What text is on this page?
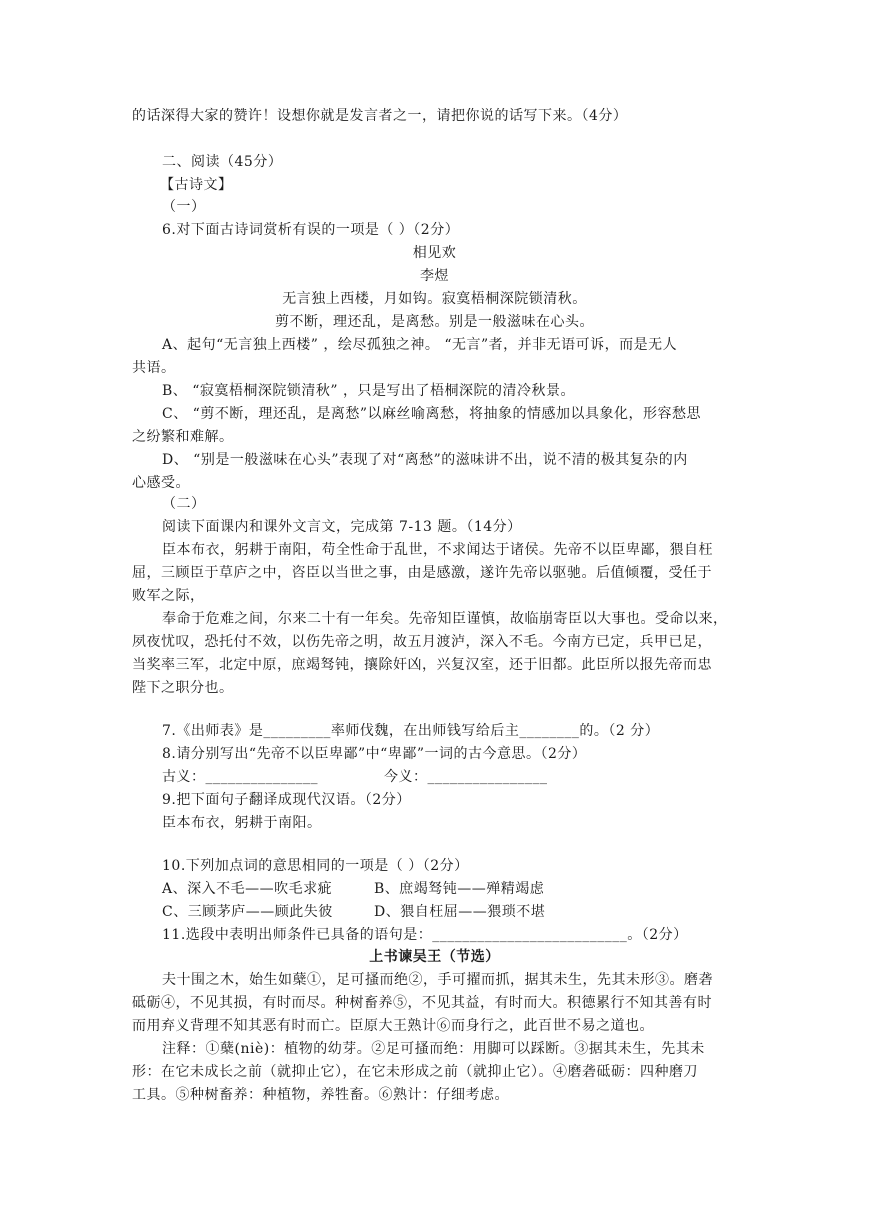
的话深得大家的赞许！设想你就是发言者之一，请把你说的话写下来。（4分）
二、阅读（45分）
【古诗文】
（一）
6.对下面古诗词赏析有误的一项是（ ）（2分）
相见欢
李煜
无言独上西楼，月如钩。寂寞梧桐深院锁清秋。
剪不断，理还乱，是离愁。别是一般滋味在心头。
A、起句“无言独上西楼” ，绘尽孤独之神。 “无言”者，并非无语可诉，而是无人
共语。
B、 “寂寞梧桐深院锁清秋” ，只是写出了梧桐深院的清冷秋景。
C、 “剪不断，理还乱，是离愁”以麻丝喻离愁，将抽象的情感加以具象化，形容愁思
之纷繁和难解。
D、 “别是一般滋味在心头”表现了对“离愁”的滋味讲不出，说不清的极其复杂的内
心感受。
（二）
阅读下面课内和课外文言文，完成第 7-13 题。（14分）
臣本布衣，躬耕于南阳，苟全性命于乱世，不求闻达于诸侯。先帝不以臣卑鄙，猥自枉
屈，三顾臣于草庐之中，咨臣以当世之事，由是感激，遂许先帝以驱驰。后值倾覆，受任于
败军之际，
奉命于危难之间，尔来二十有一年矣。先帝知臣谨慎，故临崩寄臣以大事也。受命以来，
夙夜忧叹，恐托付不效，以伤先帝之明，故五月渡泸，深入不毛。今南方已定，兵甲已足，
当奖率三军，北定中原，庶竭驽钝，攘除奸凶，兴复汉室，还于旧都。此臣所以报先帝而忠
陛下之职分也。
7.《出师表》是_________率师伐魏，在出师钱写给后主________的。（2 分）
8.请分别写出“先帝不以臣卑鄙”中“卑鄙”一词的古今意思。（2分）
古义：_______________	今义：________________
9.把下面句子翻译成现代汉语。（2分）
臣本布衣，躬耕于南阳。
10.下列加点词的意思相同的一项是（ ）（2分）
A、深入不毛——吹毛求疵	B、庶竭驽钝——殚精竭虑
C、三顾茅庐——顾此失彼	D、猥自枉屈——猥琐不堪
11.选段中表明出师条件已具备的语句是：__________________________。（2分）
上书谏吴王（节选）
夫十围之木，始生如蘖①，足可搔而绝②，手可擢而抓，据其未生，先其未形③。磨砻
砥砺④，不见其损，有时而尽。种树畜养⑤，不见其益，有时而大。积德累行不知其善有时
而用弃义背理不知其恶有时而亡。臣原大王熟计⑥而身行之，此百世不易之道也。
注释：①蘖(niè)：植物的幼芽。②足可搔而绝：用脚可以踩断。③据其未生，先其未
形：在它未成长之前（就抑止它），在它未形成之前（就抑止它）。④磨砻砥砺：四种磨刀
工具。⑤种树畜养：种植物，养牲畜。⑥熟计：仔细考虑。
